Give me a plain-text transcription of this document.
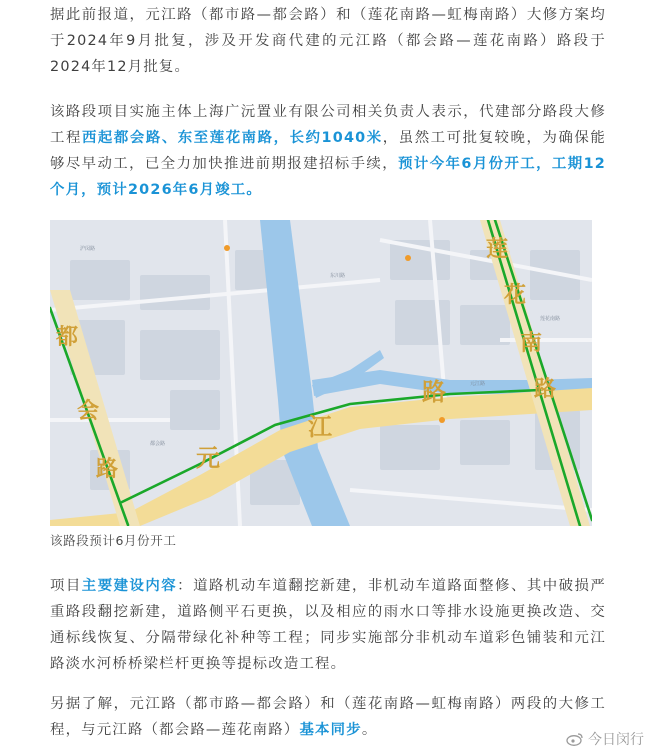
据此前报道，元江路（都市路—都会路）和（莲花南路—虹梅南路）大修方案均于2024年9月批复，涉及开发商代建的元江路（都会路—莲花南路）路段于2024年12月批复。

该路段项目实施主体上海广沅置业有限公司相关负责人表示，代建部分路段大修工程西起都会路、东至莲花南路，长约1040米，虽然工可批复较晚，为确保能够尽早动工，已全力加快推进前期报建招标手续，预计今年6月份开工，工期12个月，预计2026年6月竣工。

沪闵路
东川路
元江路
都会路
莲花南路
都
会
路	元
江
路
莲
花
南
路
该路段预计6月份开工

项目主要建设内容：道路机动车道翻挖新建，非机动车道路面整修、其中破损严重路段翻挖新建，道路侧平石更换，以及相应的雨水口等排水设施更换改造、交通标线恢复、分隔带绿化补种等工程；同步实施部分非机动车道彩色铺装和元江路淡水河桥桥梁栏杆更换等提标改造工程。

另据了解，元江路（都市路—都会路）和（莲花南路—虹梅南路）两段的大修工程，与元江路（都会路—莲花南路）基本同步。

今日闵行
